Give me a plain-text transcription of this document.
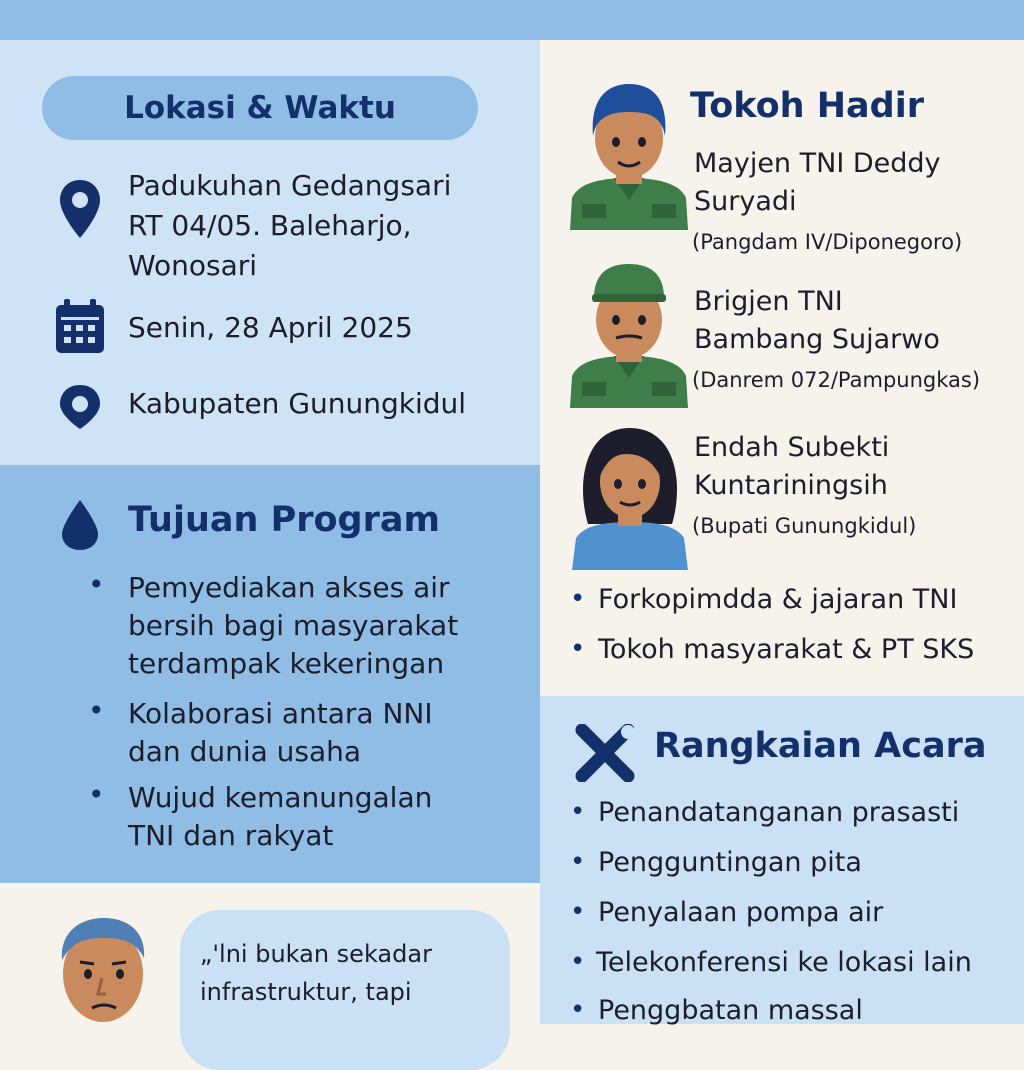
Lokasi & Waktu
Padukuhan Gedangsari
RT 04/05. Baleharjo,
Wonosari
Senin, 28 April 2025
Kabupaten Gunungkidul
Tujuan Program
• Pemyediakan akses air
bersih bagi masyarakat
terdampak kekeringan
• Kolaborasi antara NNI
dan dunia usaha
• Wujud kemanungalan
TNI dan rakyat
„'lni bukan sekadar
infrastruktur, tapi
Tokoh Hadir
Mayjen TNI Deddy
Suryadi
(Pangdam IV/Diponegoro)
Brigjen TNI
Bambang Sujarwo
(Danrem 072/Pampungkas)
Endah Subekti
Kuntariningsih
(Bupati Gunungkidul)
• Forkopimdda & jajaran TNI
• Tokoh masyarakat & PT SKS
Rangkaian Acara
• Penandatanganan prasasti
• Pengguntingan pita
• Penyalaan pompa air
• Telekonferensi ke lokasi lain
• Penggbatan massal
